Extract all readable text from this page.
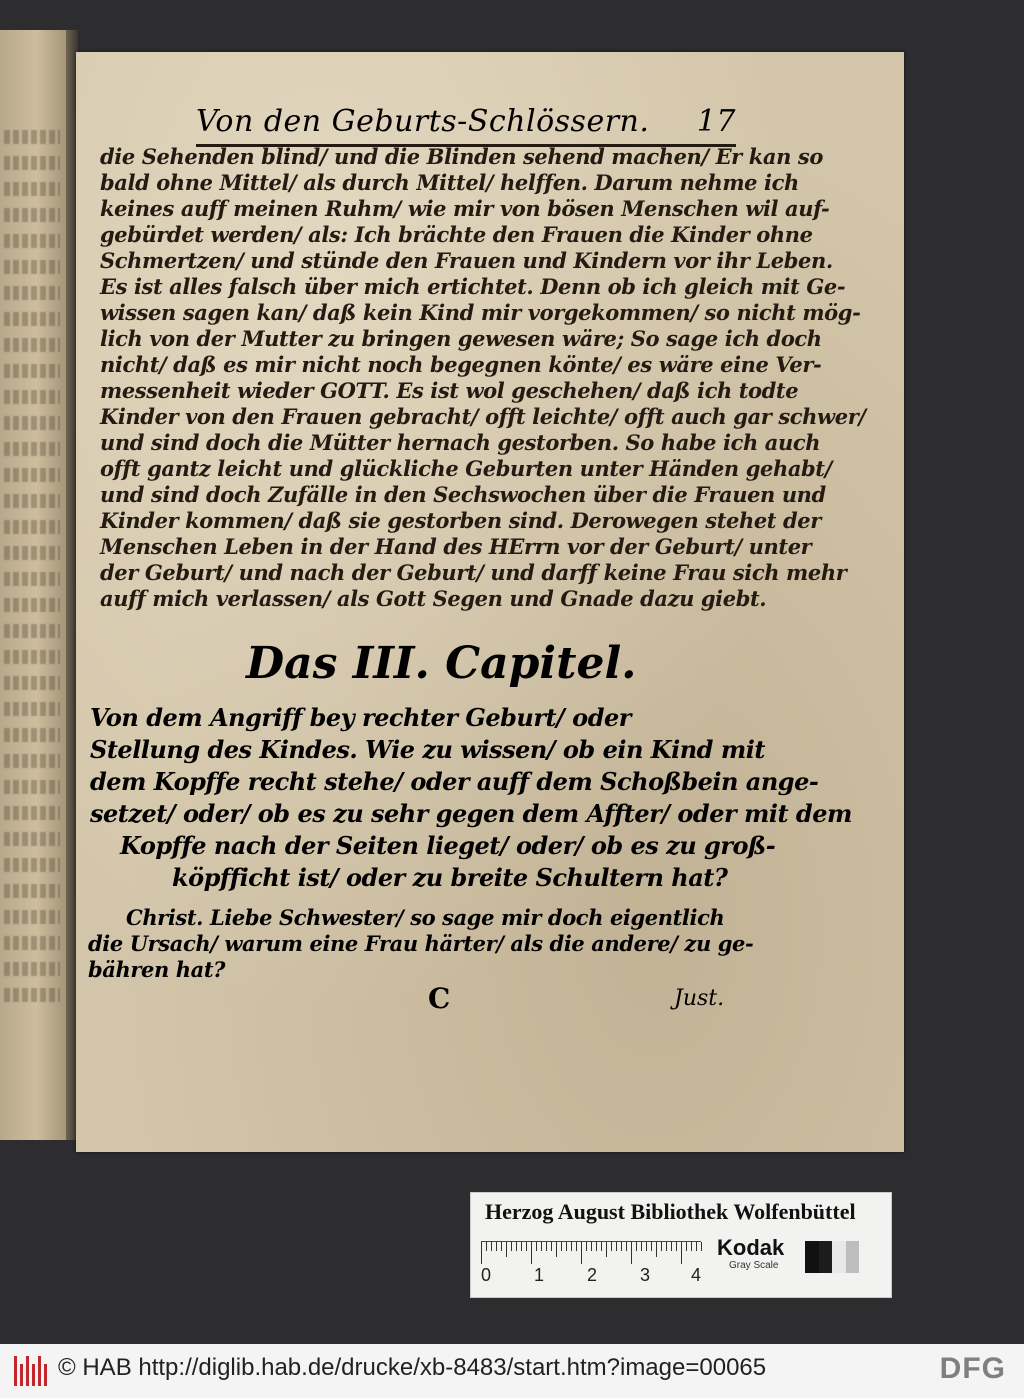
Von den Geburts-Schlössern. 17
die Sehenden blind/ und die Blinden sehend machen/ Er kan so
bald ohne Mittel/ als durch Mittel/ helffen. Darum nehme ich
keines auff meinen Ruhm/ wie mir von bösen Menschen wil auf-
gebürdet werden/ als: Ich brächte den Frauen die Kinder ohne
Schmertzen/ und stünde den Frauen und Kindern vor ihr Leben.
Es ist alles falsch über mich ertichtet. Denn ob ich gleich mit Ge-
wissen sagen kan/ daß kein Kind mir vorgekommen/ so nicht mög-
lich von der Mutter zu bringen gewesen wäre; So sage ich doch
nicht/ daß es mir nicht noch begegnen könte/ es wäre eine Ver-
messenheit wieder GOTT. Es ist wol geschehen/ daß ich todte
Kinder von den Frauen gebracht/ offt leichte/ offt auch gar schwer/
und sind doch die Mütter hernach gestorben. So habe ich auch
offt gantz leicht und glückliche Geburten unter Händen gehabt/
und sind doch Zufälle in den Sechswochen über die Frauen und
Kinder kommen/ daß sie gestorben sind. Derowegen stehet der
Menschen Leben in der Hand des HErrn vor der Geburt/ unter
der Geburt/ und nach der Geburt/ und darff keine Frau sich mehr
auff mich verlassen/ als Gott Segen und Gnade dazu giebt.
Das III. Capitel.
Von dem Angriff bey rechter Geburt/ oder
Stellung des Kindes. Wie zu wissen/ ob ein Kind mit
dem Kopffe recht stehe/ oder auff dem Schoßbein ange-
setzet/ oder/ ob es zu sehr gegen dem Affter/ oder mit dem
Kopffe nach der Seiten lieget/ oder/ ob es zu groß-
köpfficht ist/ oder zu breite Schultern hat?
Christ. Liebe Schwester/ so sage mir doch eigentlich
die Ursach/ warum eine Frau härter/ als die andere/ zu ge-
bähren hat?
C	Just.
Herzog August Bibliothek Wolfenbüttel
0 1 2 3 4
Kodak
Gray Scale
© HAB http://diglib.hab.de/drucke/xb-8483/start.htm?image=00065	DFG
